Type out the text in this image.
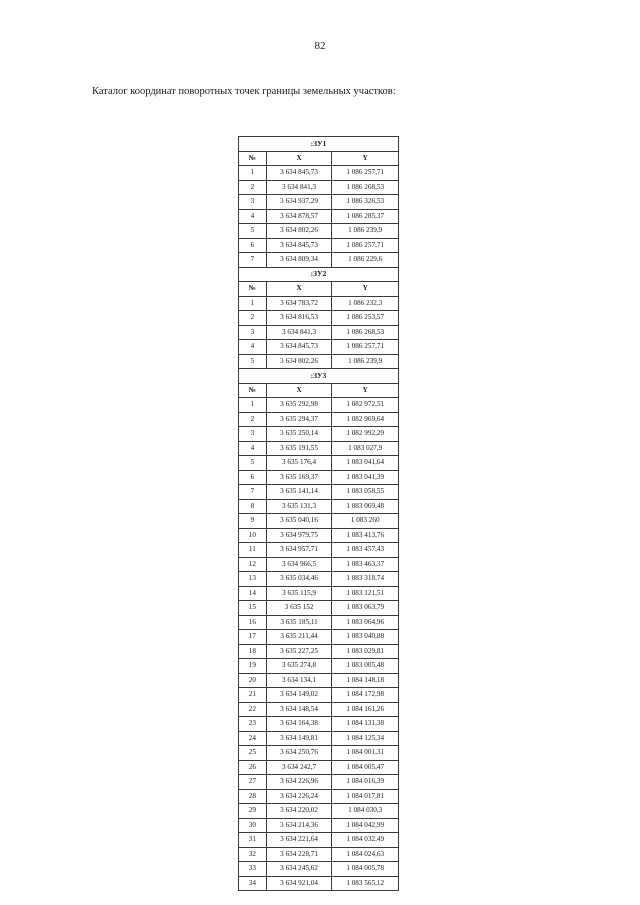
82
Каталог координат поворотных точек границы земельных участков:
:ЗУ1		
№	X	Y
1	3 634 845,73	1 086 257,71
2	3 634 841,3	1 086 268,53
3	3 634 937,29	1 086 326,53
4	3 634 878,57	1 086 285,37
5	3 634 802,26	1 086 239,9
6	3 634 845,73	1 086 257,71
7	3 634 809,34	1 086 229,6
:ЗУ2		
№	X	Y
1	3 634 783,72	1 086 232,3
2	3 634 816,53	1 086 253,57
3	3 634 841,3	1 086 268,53
4	3 634 845,73	1 086 257,71
5	3 634 802,26	1 086 239,9
:ЗУ3		
№	X	Y
1	3 635 292,98	1 082 972,51
2	3 635 294,37	1 082 969,64
3	3 635 250,14	1 082 992,29
4	3 635 191,55	1 083 027,9
5	3 635 176,4	1 083 041,64
6	3 635 169,37	1 083 041,39
7	3 635 141,14	1 083 058,55
8	3 635 131,3	1 083 069,48
9	3 635 040,16	1 083 260
10	3 634 979,75	1 083 413,76
11	3 634 957,71	1 083 457,43
12	3 634 966,5	1 083 463,37
13	3 635 034,46	1 083 318,74
14	3 635 115,9	1 083 121,51
15	3 635 152	1 083 063,79
16	3 635 185,11	1 083 064,96
17	3 635 211,44	1 083 040,88
18	3 635 227,25	1 083 029,81
19	3 635 274,8	1 083 005,48
20	3 634 134,1	1 084 148,18
21	3 634 149,02	1 084 172,98
22	3 634 148,54	1 084 161,26
23	3 634 164,38	1 084 131,38
24	3 634 149,81	1 084 125,34
25	3 634 250,76	1 084 001,31
26	3 634 242,7	1 084 005,47
27	3 634 226,96	1 084 016,39
28	3 634 226,24	1 084 017,81
29	3 634 220,02	1 084 030,3
30	3 634 214,36	1 084 042,99
31	3 634 221,64	1 084 032,49
32	3 634 228,71	1 084 024,63
33	3 634 245,62	1 084 005,78
34	3 634 921,04	1 083 565,12
